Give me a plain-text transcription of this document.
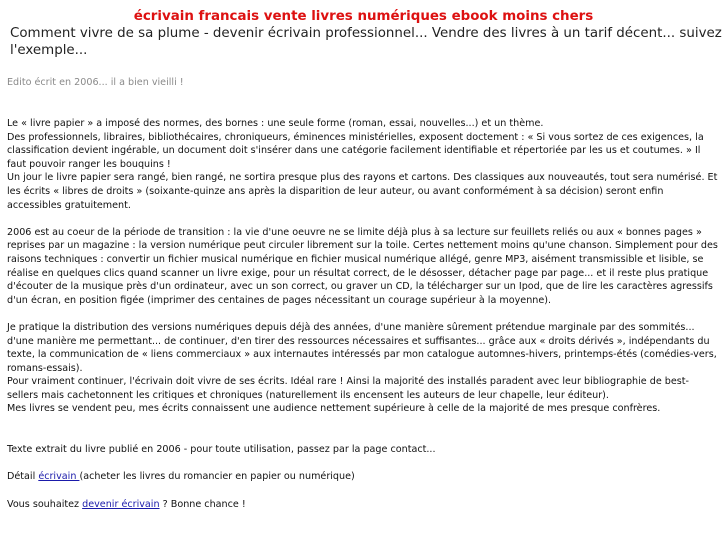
écrivain francais vente livres numériques ebook moins chers
Comment vivre de sa plume - devenir écrivain professionnel... Vendre des livres à un tarif décent... suivez l'exemple...
Edito écrit en 2006... il a bien vieilli !

Le « livre papier » a imposé des normes, des bornes : une seule forme (roman, essai, nouvelles...) et un thème.

Des professionnels, libraires, bibliothécaires, chroniqueurs, éminences ministérielles, exposent doctement : « Si vous sortez de ces exigences, la classification devient ingérable, un document doit s'insérer dans une catégorie facilement identifiable et répertoriée par les us et coutumes. » Il faut pouvoir ranger les bouquins !

Un jour le livre papier sera rangé, bien rangé, ne sortira presque plus des rayons et cartons. Des classiques aux nouveautés, tout sera numérisé. Et les écrits « libres de droits » (soixante-quinze ans après la disparition de leur auteur, ou avant conformément à sa décision) seront enfin accessibles gratuitement.

2006 est au coeur de la période de transition : la vie d'une oeuvre ne se limite déjà plus à sa lecture sur feuillets reliés ou aux « bonnes pages » reprises par un magazine : la version numérique peut circuler librement sur la toile. Certes nettement moins qu'une chanson. Simplement pour des raisons techniques : convertir un fichier musical numérique en fichier musical numérique allégé, genre MP3, aisément transmissible et lisible, se réalise en quelques clics quand scanner un livre exige, pour un résultat correct, de le désosser, détacher page par page... et il reste plus pratique d'écouter de la musique près d'un ordinateur, avec un son correct, ou graver un CD, la télécharger sur un Ipod, que de lire les caractères agressifs d'un écran, en position figée (imprimer des centaines de pages nécessitant un courage supérieur à la moyenne).

Je pratique la distribution des versions numériques depuis déjà des années, d'une manière sûrement prétendue marginale par des sommités... d'une manière me permettant... de continuer, d'en tirer des ressources nécessaires et suffisantes... grâce aux « droits dérivés », indépendants du texte, la communication de « liens commerciaux » aux internautes intéressés par mon catalogue automnes-hivers, printemps-étés (comédies-vers, romans-essais).

Pour vraiment continuer, l'écrivain doit vivre de ses écrits. Idéal rare ! Ainsi la majorité des installés paradent avec leur bibliographie de best-sellers mais cachetonnent les critiques et chroniques (naturellement ils encensent les auteurs de leur chapelle, leur éditeur).

Mes livres se vendent peu, mes écrits connaissent une audience nettement supérieure à celle de la majorité de mes presque confrères.

Texte extrait du livre publié en 2006 - pour toute utilisation, passez par la page contact...

Détail écrivain (acheter les livres du romancier en papier ou numérique)

Vous souhaitez devenir écrivain ? Bonne chance !
